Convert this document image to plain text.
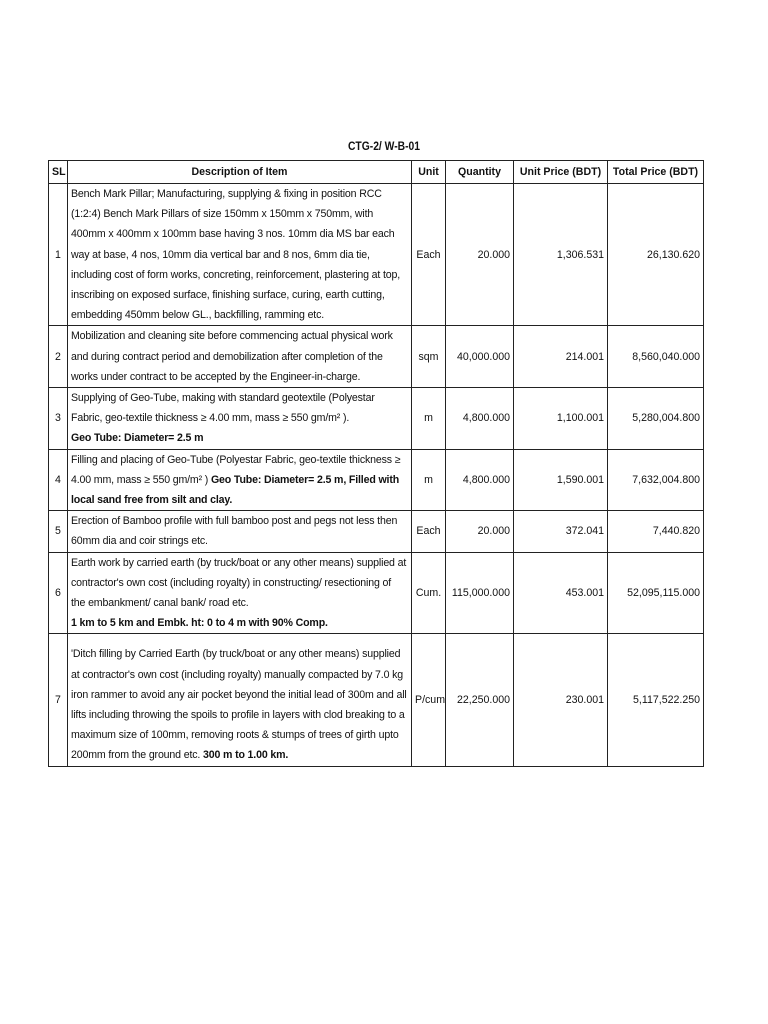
CTG-2/ W-B-01
SL	Description of Item	Unit	Quantity	Unit Price (BDT)	Total Price (BDT)
1	Bench Mark Pillar; Manufacturing, supplying & fixing in position RCC (1:2:4) Bench Mark Pillars of size 150mm x 150mm x 750mm, with 400mm x 400mm x 100mm base having 3 nos. 10mm dia MS bar each way at base, 4 nos, 10mm dia vertical bar and 8 nos, 6mm dia tie, including cost of form works, concreting, reinforcement, plastering at top, inscribing on exposed surface, finishing surface, curing, earth cutting, embedding 450mm below GL., backfilling, ramming etc.	Each	20.000	1,306.531	26,130.620
2	Mobilization and cleaning site before commencing actual physical work and during contract period and demobilization after completion of the works under contract to be accepted by the Engineer-in-charge.	sqm	40,000.000	214.001	8,560,040.000
3	Supplying of Geo-Tube, making with standard geotextile (Polyestar Fabric, geo-textile thickness ≥ 4.00 mm, mass ≥ 550 gm/m² ).
Geo Tube: Diameter= 2.5 m	m	4,800.000	1,100.001	5,280,004.800
4	Filling and placing of Geo-Tube (Polyestar Fabric, geo-textile thickness ≥ 4.00 mm, mass ≥ 550 gm/m² ) Geo Tube: Diameter= 2.5 m, Filled with local sand free from silt and clay.	m	4,800.000	1,590.001	7,632,004.800
5	Erection of Bamboo profile with full bamboo post and pegs not less then 60mm dia and coir strings etc.	Each	20.000	372.041	7,440.820
6	Earth work by carried earth (by truck/boat or any other means) supplied at contractor's own cost (including royalty) in constructing/ resectioning of the embankment/ canal bank/ road etc.
1 km to 5 km and Embk. ht: 0 to 4 m with 90% Comp.	Cum.	115,000.000	453.001	52,095,115.000
7	'Ditch filling by Carried Earth (by truck/boat or any other means) supplied at contractor's own cost (including royalty) manually compacted by 7.0 kg iron rammer to avoid any air pocket beyond the initial lead of 300m and all lifts including throwing the spoils to profile in layers with clod breaking to a maximum size of 100mm, removing roots & stumps of trees of girth upto 200mm from the ground etc. 300 m to 1.00 km.	P/cum	22,250.000	230.001	5,117,522.250
